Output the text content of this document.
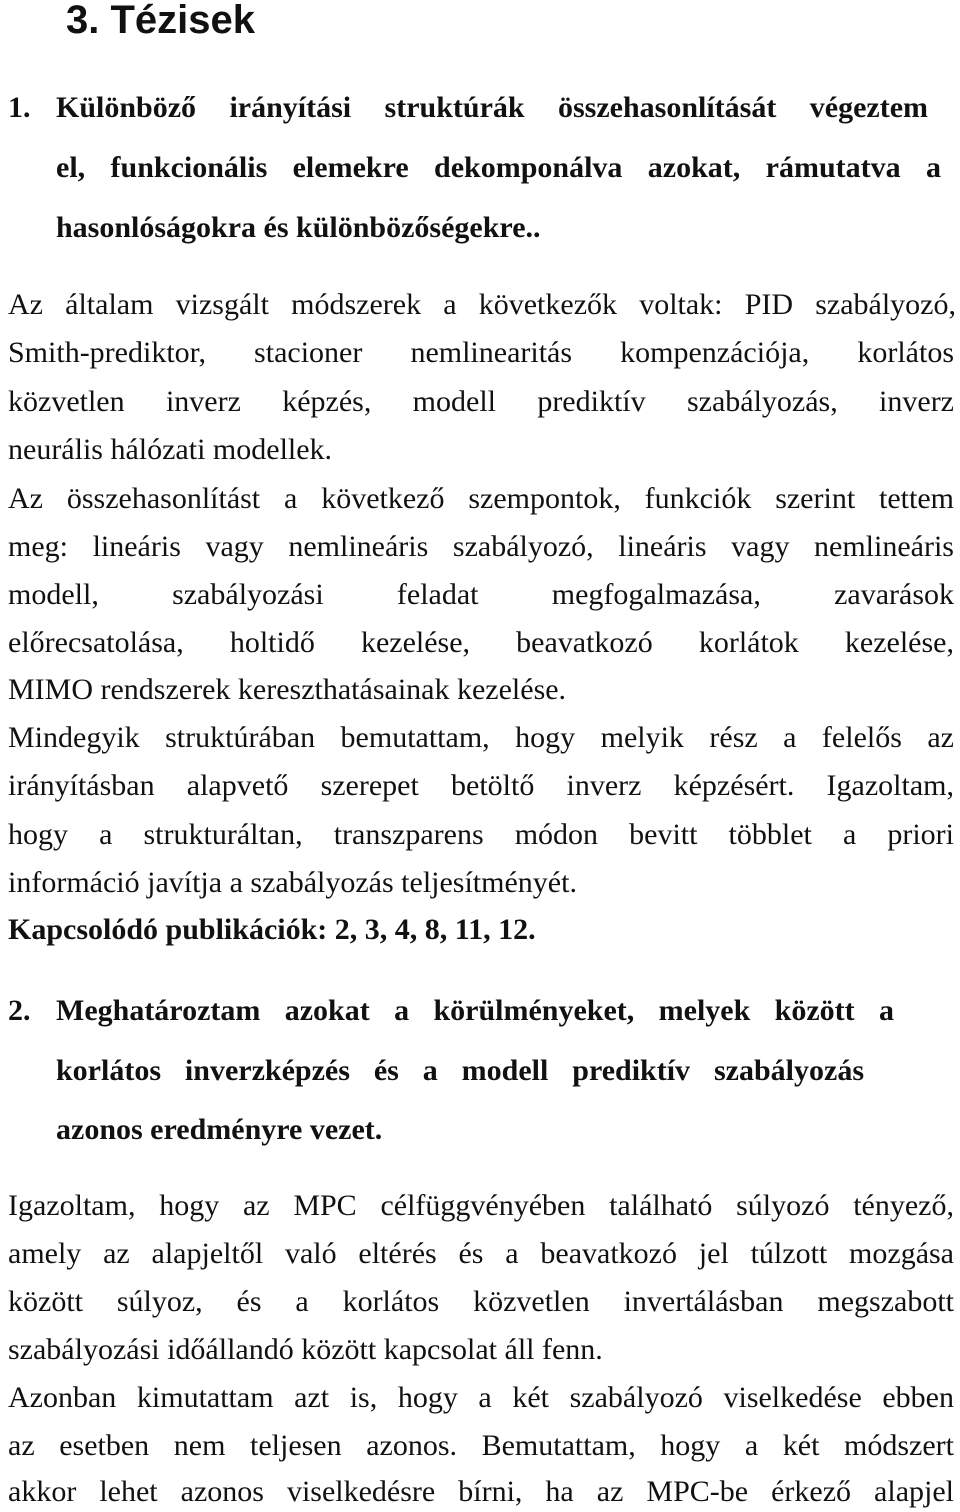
3. Tézisek
1. Különböző irányítási struktúrák összehasonlítását végeztem
el, funkcionális elemekre dekomponálva azokat, rámutatva a
hasonlóságokra és különbözőségekre..
Az általam vizsgált módszerek a következők voltak: PID szabályozó,
Smith-prediktor, stacioner nemlinearitás kompenzációja, korlátos
közvetlen inverz képzés, modell prediktív szabályozás, inverz
neurális hálózati modellek.
Az összehasonlítást a következő szempontok, funkciók szerint tettem
meg: lineáris vagy nemlineáris szabályozó, lineáris vagy nemlineáris
modell, szabályozási feladat megfogalmazása, zavarások
előrecsatolása, holtidő kezelése, beavatkozó korlátok kezelése,
MIMO rendszerek kereszthatásainak kezelése.
Mindegyik struktúrában bemutattam, hogy melyik rész a felelős az
irányításban alapvető szerepet betöltő inverz képzésért. Igazoltam,
hogy a strukturáltan, transzparens módon bevitt többlet a priori
információ javítja a szabályozás teljesítményét.
Kapcsolódó publikációk: 2, 3, 4, 8, 11, 12.
2. Meghatároztam azokat a körülményeket, melyek között a
korlátos inverzképzés és a modell prediktív szabályozás
azonos eredményre vezet.
Igazoltam, hogy az MPC célfüggvényében található súlyozó tényező,
amely az alapjeltől való eltérés és a beavatkozó jel túlzott mozgása
között súlyoz, és a korlátos közvetlen invertálásban megszabott
szabályozási időállandó között kapcsolat áll fenn.
Azonban kimutattam azt is, hogy a két szabályozó viselkedése ebben
az esetben nem teljesen azonos. Bemutattam, hogy a két módszert
akkor lehet azonos viselkedésre bírni, ha az MPC-be érkező alapjel
